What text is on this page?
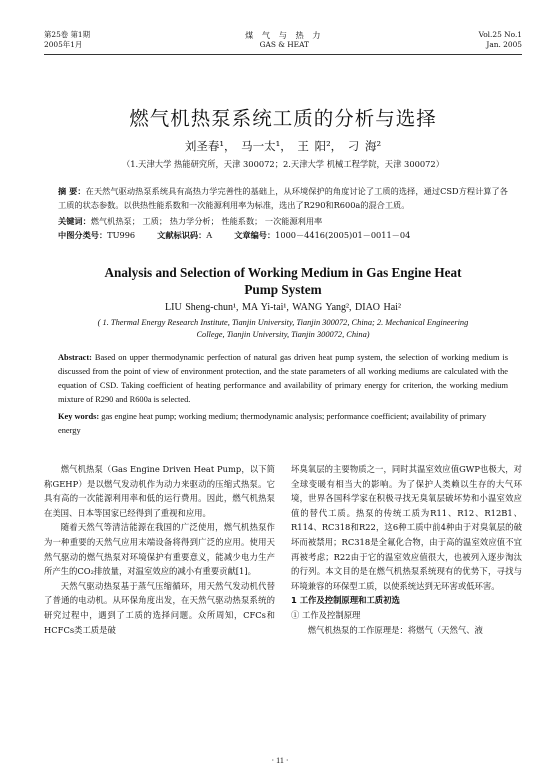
第25卷 第1期
2005年1月
煤 气 与 热 力
GAS & HEAT
Vol.25 No.1
Jan. 2005
燃气机热泵系统工质的分析与选择
刘圣春¹， 马一太¹， 王 阳²， 刁 海²
（1.天津大学 热能研究所，天津 300072；2.天津大学 机械工程学院，天津 300072）
摘 要：在天然气驱动热泵系统具有高热力学完善性的基础上，从环境保护的角度讨论了工质的选择，通过CSD方程计算了各工质的状态参数。以供热性能系数和一次能源利用率为标准，选出了R290和R600a的混合工质。
关键词：燃气机热泵； 工质； 热力学分析； 性能系数； 一次能源利用率
中图分类号：TU996	文献标识码：A	文章编号：1000－4416(2005)01－0011－04
Analysis and Selection of Working Medium in Gas Engine Heat
Pump System
LIU Sheng-chun¹, MA Yi-tai¹, WANG Yang², DIAO Hai²
( 1. Thermal Energy Research Institute, Tianjin University, Tianjin 300072, China; 2. Mechanical Engineering College, Tianjin University, Tianjin 300072, China)
Abstract: Based on upper thermodynamic perfection of natural gas driven heat pump system, the selection of working medium is discussed from the point of view of environment protection, and the state parameters of all working mediums are calculated with the equation of CSD. Taking coefficient of heating performance and availability of primary energy for criterion, the working medium mixture of R290 and R600a is selected.
Key words: gas engine heat pump; working medium; thermodynamic analysis; performance coefficient; availability of primary energy

燃气机热泵（Gas Engine Driven Heat Pump，以下简称GEHP）是以燃气发动机作为动力来驱动的压缩式热泵。它具有高的一次能源利用率和低的运行费用。因此，燃气机热泵在美国、日本等国家已经得到了重视和应用。

随着天然气等清洁能源在我国的广泛使用，燃气机热泵作为一种重要的天然气应用末端设备将得到广泛的应用。使用天然气驱动的燃气热泵对环境保护有重要意义，能减少电力生产所产生的CO₂排放量，对温室效应的减小有重要贡献[1]。

天然气驱动热泵基于蒸气压缩循环，用天然气发动机代替了普通的电动机。从环保角度出发，在天然气驱动热泵系统的研究过程中，遇到了工质的选择问题。众所周知，CFCs和HCFCs类工质是破

坏臭氧层的主要物质之一，同时其温室效应值GWP也极大，对全球变暖有相当大的影响。为了保护人类赖以生存的大气环境，世界各国科学家在积极寻找无臭氧层破坏势和小温室效应值的替代工质。热泵的传统工质为R11、R12、R12B1、R114、RC318和R22，这6种工质中前4种由于对臭氧层的破坏而被禁用；RC318是全氟化合物，由于高的温室效应值不宜再被考虑；R22由于它的温室效应值很大，也被列入逐步淘汰的行列。本文目的是在燃气机热泵系统现有的优势下，寻找与环境兼容的环保型工质，以使系统达到无环害或低环害。

1 工作及控制原理和工质初选

① 工作及控制原理

燃气机热泵的工作原理是：将燃气（天然气、液

· 11 ·
